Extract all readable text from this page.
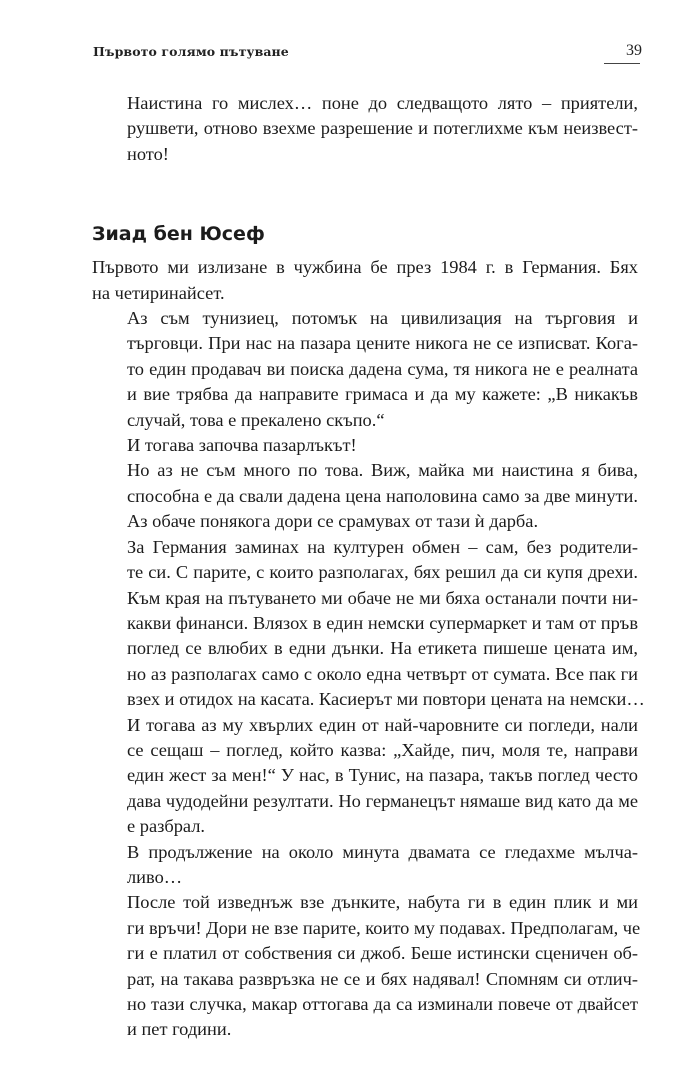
Първото голямо пътуване	39

Наистина го мислех… поне до следващото лято – приятели,
рушвети, отново взехме разрешение и потеглихме към неизвест-
ното!

Зиад бен Юсеф

Първото ми излизане в чужбина бе през 1984 г. в Германия. Бях
на четиринайсет.

Аз съм тунизиец, потомък на цивилизация на търговия и
търговци. При нас на пазара цените никога не се изписват. Кога-
то един продавач ви поиска дадена сума, тя никога не е реалната
и вие трябва да направите гримаса и да му кажете: „В никакъв
случай, това е прекалено скъпо.“

И тогава започва пазарлъкът!

Но аз не съм много по това. Виж, майка ми наистина я бива,
способна е да свали дадена цена наполовина само за две минути.
Аз обаче понякога дори се срамувах от тази ѝ дарба.

За Германия заминах на културен обмен – сам, без родители-
те си. С парите, с които разполагах, бях решил да си купя дрехи.
Към края на пътуването ми обаче не ми бяха останали почти ни-
какви финанси. Влязох в един немски супермаркет и там от пръв
поглед се влюбих в едни дънки. На етикета пишеше цената им,
но аз разполагах само с около една четвърт от сумата. Все пак ги
взех и отидох на касата. Касиерът ми повтори цената на немски…
И тогава аз му хвърлих един от най-чаровните си погледи, нали
се сещаш – поглед, който казва: „Хайде, пич, моля те, направи
един жест за мен!“ У нас, в Тунис, на пазара, такъв поглед често
дава чудодейни резултати. Но германецът нямаше вид като да ме
е разбрал.

В продължение на около минута двамата се гледахме мълча-
ливо…

После той изведнъж взе дънките, набута ги в един плик и ми
ги връчи! Дори не взе парите, които му подавах. Предполагам, че
ги е платил от собствения си джоб. Беше истински сценичен об-
рат, на такава развръзка не се и бях надявал! Спомням си отлич-
но тази случка, макар оттогава да са изминали повече от двайсет
и пет години.
